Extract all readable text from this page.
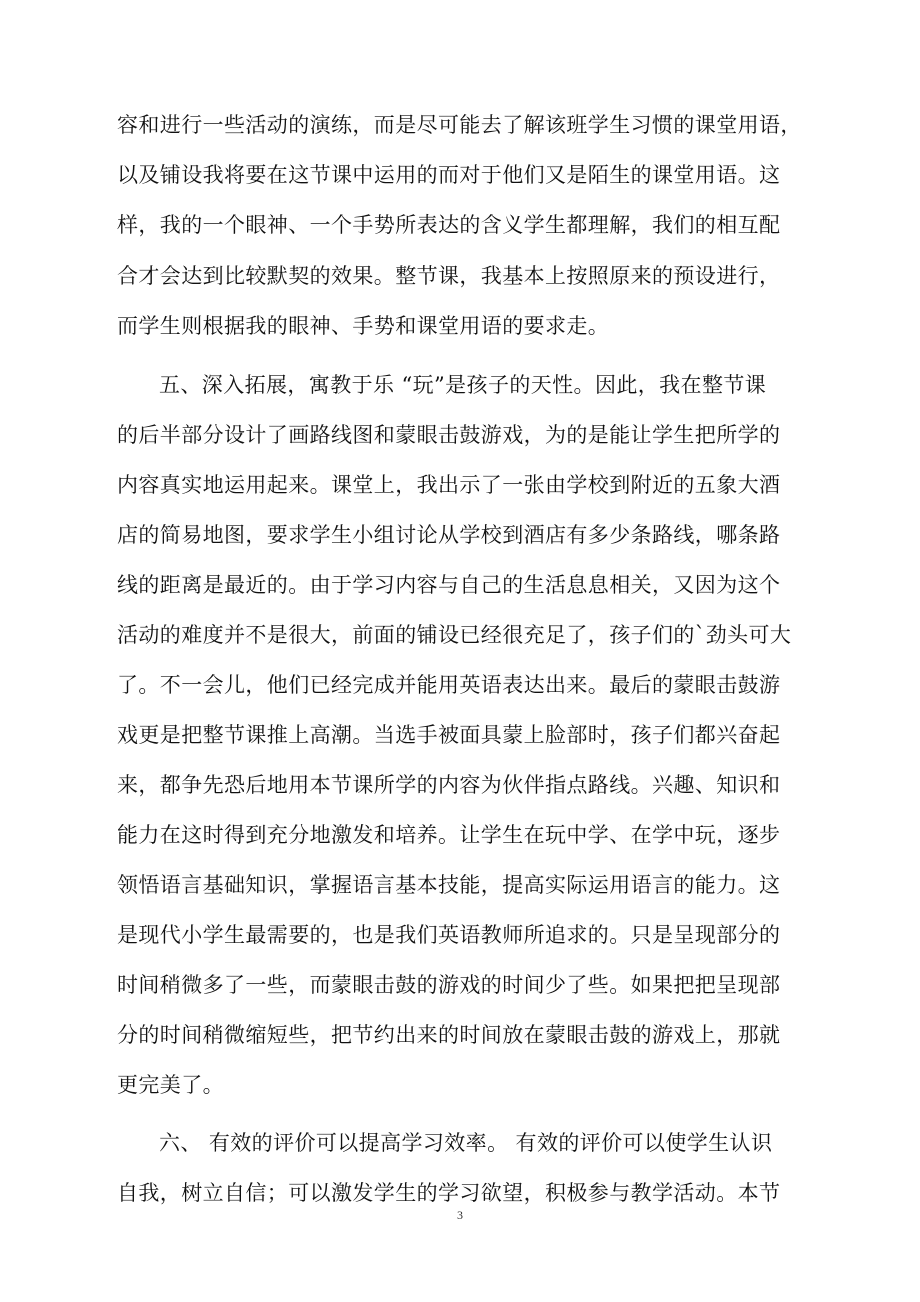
容和进行一些活动的演练，而是尽可能去了解该班学生习惯的课堂用语，
以及铺设我将要在这节课中运用的而对于他们又是陌生的课堂用语。这
样，我的一个眼神、一个手势所表达的含义学生都理解，我们的相互配
合才会达到比较默契的效果。整节课，我基本上按照原来的预设进行，
而学生则根据我的眼神、手势和课堂用语的要求走。
五、深入拓展，寓教于乐 “玩”是孩子的天性。因此，我在整节课
的后半部分设计了画路线图和蒙眼击鼓游戏，为的是能让学生把所学的
内容真实地运用起来。课堂上，我出示了一张由学校到附近的五象大酒
店的简易地图，要求学生小组讨论从学校到酒店有多少条路线，哪条路
线的距离是最近的。由于学习内容与自己的生活息息相关，又因为这个
活动的难度并不是很大，前面的铺设已经很充足了，孩子们的`劲头可大
了。不一会儿，他们已经完成并能用英语表达出来。最后的蒙眼击鼓游
戏更是把整节课推上高潮。当选手被面具蒙上脸部时，孩子们都兴奋起
来，都争先恐后地用本节课所学的内容为伙伴指点路线。兴趣、知识和
能力在这时得到充分地激发和培养。让学生在玩中学、在学中玩，逐步
领悟语言基础知识，掌握语言基本技能，提高实际运用语言的能力。这
是现代小学生最需要的，也是我们英语教师所追求的。只是呈现部分的
时间稍微多了一些，而蒙眼击鼓的游戏的时间少了些。如果把把呈现部
分的时间稍微缩短些，把节约出来的时间放在蒙眼击鼓的游戏上，那就
更完美了。
六、 有效的评价可以提高学习效率。 有效的评价可以使学生认识
自我，树立自信；可以激发学生的学习欲望，积极参与教学活动。本节
3
